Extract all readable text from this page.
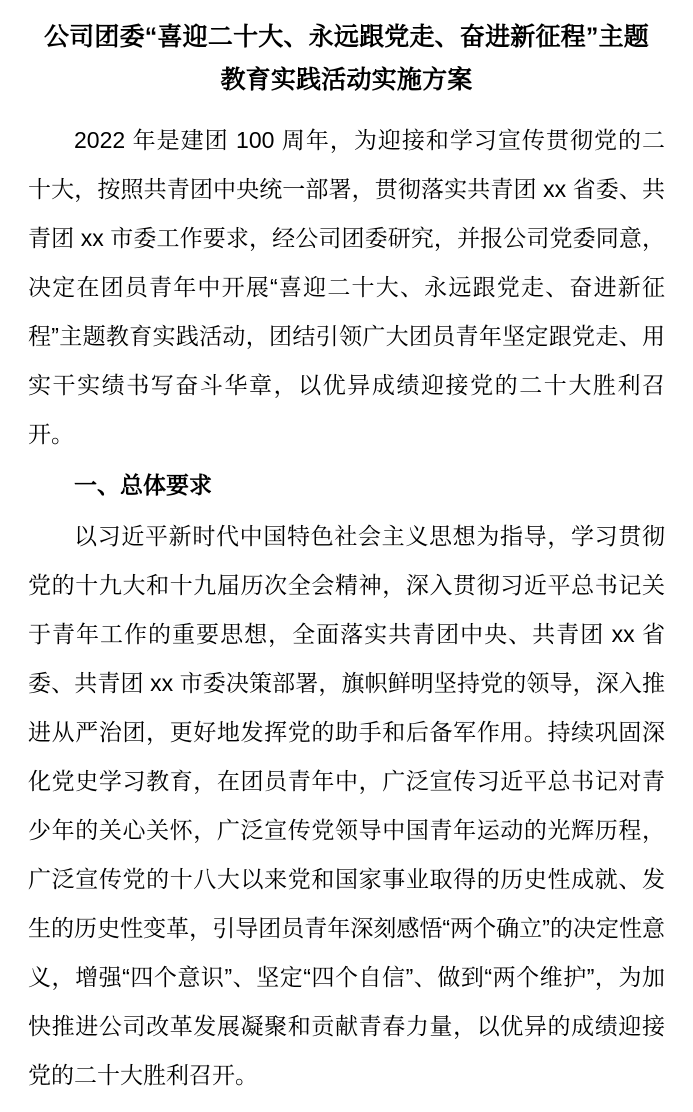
公司团委“喜迎二十大、永远跟党走、奋进新征程”主题教育实践活动实施方案

2022 年是建团 100 周年，为迎接和学习宣传贯彻党的二十大，按照共青团中央统一部署，贯彻落实共青团 xx 省委、共青团 xx 市委工作要求，经公司团委研究，并报公司党委同意，决定在团员青年中开展“喜迎二十大、永远跟党走、奋进新征程”主题教育实践活动，团结引领广大团员青年坚定跟党走、用实干实绩书写奋斗华章，以优异成绩迎接党的二十大胜利召开。

一、总体要求

以习近平新时代中国特色社会主义思想为指导，学习贯彻党的十九大和十九届历次全会精神，深入贯彻习近平总书记关于青年工作的重要思想，全面落实共青团中央、共青团 xx 省委、共青团 xx 市委决策部署，旗帜鲜明坚持党的领导，深入推进从严治团，更好地发挥党的助手和后备军作用。持续巩固深化党史学习教育，在团员青年中，广泛宣传习近平总书记对青少年的关心关怀，广泛宣传党领导中国青年运动的光辉历程，广泛宣传党的十八大以来党和国家事业取得的历史性成就、发生的历史性变革，引导团员青年深刻感悟“两个确立”的决定性意义，增强“四个意识”、坚定“四个自信”、做到“两个维护”，为加快推进公司改革发展凝聚和贡献青春力量，以优异的成绩迎接党的二十大胜利召开。
